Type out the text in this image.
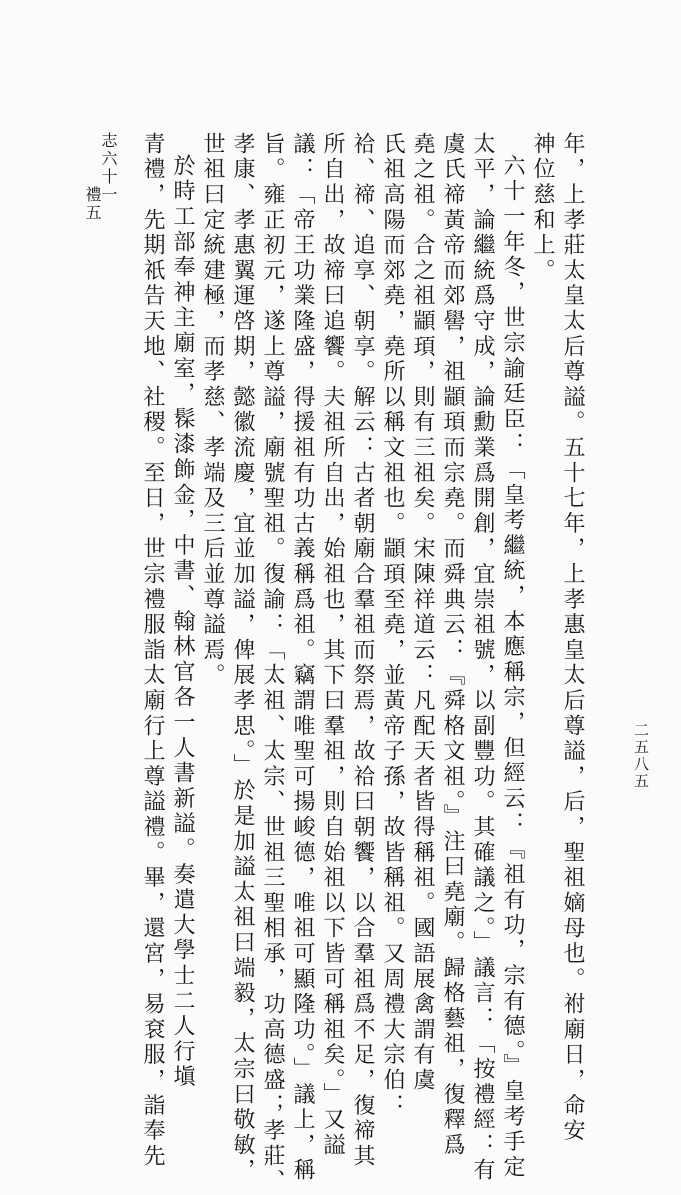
志六十一
禮五	年，上孝莊太皇太后尊謚。五十七年，上孝惠皇太后尊謚，后，聖祖嫡母也。祔廟日，命安
神位慈和上。
六十一年冬，世宗諭廷臣：「皇考繼統，本應稱宗，但經云：『祖有功，宗有德。』皇考手定
太平，論繼統爲守成，論勳業爲開創，宜崇祖號，以副豐功。其確議之。」議言：「按禮經：有
虞氏禘黃帝而郊嚳，祖顓頊而宗堯。而舜典云：『舜格文祖。』注曰堯廟。歸格藝祖，復釋爲
堯之祖。合之祖顓頊，則有三祖矣。宋陳祥道云：凡配天者皆得稱祖。國語展禽謂有虞
氏祖高陽而郊堯，堯所以稱文祖也。顓頊至堯，並黃帝子孫，故皆稱祖。又周禮大宗伯：
祫、禘、追享、朝享。解云：古者朝廟合羣祖而祭焉，故祫曰朝饗，以合羣祖爲不足，復禘其
所自出，故禘曰追饗。夫祖所自出，始祖也，其下曰羣祖，則自始祖以下皆可稱祖矣。」又謚
議：「帝王功業隆盛，得援祖有功古義稱爲祖。竊謂唯聖可揚峻德，唯祖可顯隆功。」議上，稱
旨。雍正初元，遂上尊謚，廟號聖祖。復諭：「太祖、太宗、世祖三聖相承，功高德盛；孝莊、
孝康、孝惠翼運啓期，懿徽流慶，宜並加謚，俾展孝思。」於是加謚太祖曰端毅，太宗曰敬敏，
世祖曰定統建極，而孝慈、孝端及三后並尊謚焉。
於時工部奉神主廟室，髹漆飾金，中書、翰林官各一人書新謚。奏遣大學士二人行塡
青禮，先期祇告天地、社稷。至日，世宗禮服詣太廟行上尊謚禮。畢，還宮，易袞服，詣奉先	二五八五
